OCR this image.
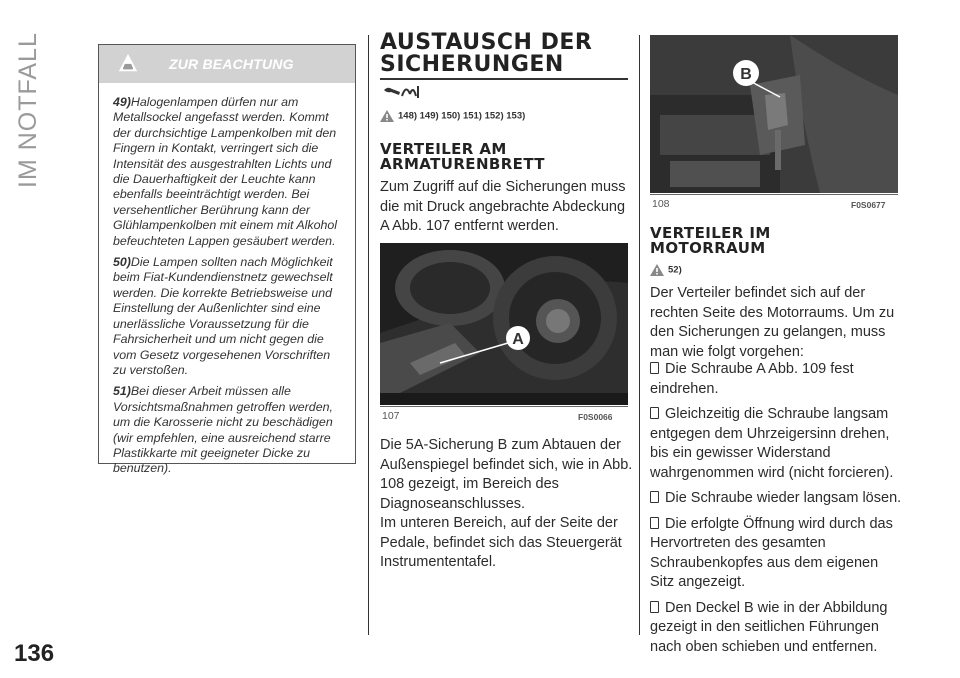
IM NOTFALL
136
ZUR BEACHTUNG

49)Halogenlampen dürfen nur am Metallsockel angefasst werden. Kommt der durchsichtige Lampenkolben mit den Fingern in Kontakt, verringert sich die Intensität des ausgestrahlten Lichts und die Dauerhaftigkeit der Leuchte kann ebenfalls beeinträchtigt werden. Bei versehentlicher Berührung kann der Glühlampenkolben mit einem mit Alkohol befeuchteten Lappen gesäubert werden.

50)Die Lampen sollten nach Möglichkeit beim Fiat-Kundendienstnetz gewechselt werden. Die korrekte Betriebsweise und Einstellung der Außenlichter sind eine unerlässliche Voraussetzung für die Fahrsicherheit und um nicht gegen die vom Gesetz vorgesehenen Vorschriften zu verstoßen.

51)Bei dieser Arbeit müssen alle Vorsichtsmaßnahmen getroffen werden, um die Karosserie nicht zu beschädigen (wir empfehlen, eine ausreichend starre Plastikkarte mit geeigneter Dicke zu benutzen).

AUSTAUSCH DER
SICHERUNGEN
148) 149) 150) 151) 152) 153)
VERTEILER AM
ARMATURENBRETT
Zum Zugriff auf die Sicherungen muss die mit Druck angebrachte Abdeckung A Abb. 107 entfernt werden.
A
107	F0S0066
Die 5A-Sicherung B zum Abtauen der Außenspiegel befindet sich, wie in Abb. 108 gezeigt, im Bereich des Diagnoseanschlusses.
Im unteren Bereich, auf der Seite der Pedale, befindet sich das Steuergerät Instrumententafel.
B
108	F0S0677
VERTEILER IM
MOTORRAUM
52)
Der Verteiler befindet sich auf der rechten Seite des Motorraums. Um zu den Sicherungen zu gelangen, muss man wie folgt vorgehen:

Die Schraube A Abb. 109 fest eindrehen.

Gleichzeitig die Schraube langsam entgegen dem Uhrzeigersinn drehen, bis ein gewisser Widerstand wahrgenommen wird (nicht forcieren).

Die Schraube wieder langsam lösen.

Die erfolgte Öffnung wird durch das Hervortreten des gesamten Schraubenkopfes aus dem eigenen Sitz angezeigt.

Den Deckel B wie in der Abbildung gezeigt in den seitlichen Führungen nach oben schieben und entfernen.
